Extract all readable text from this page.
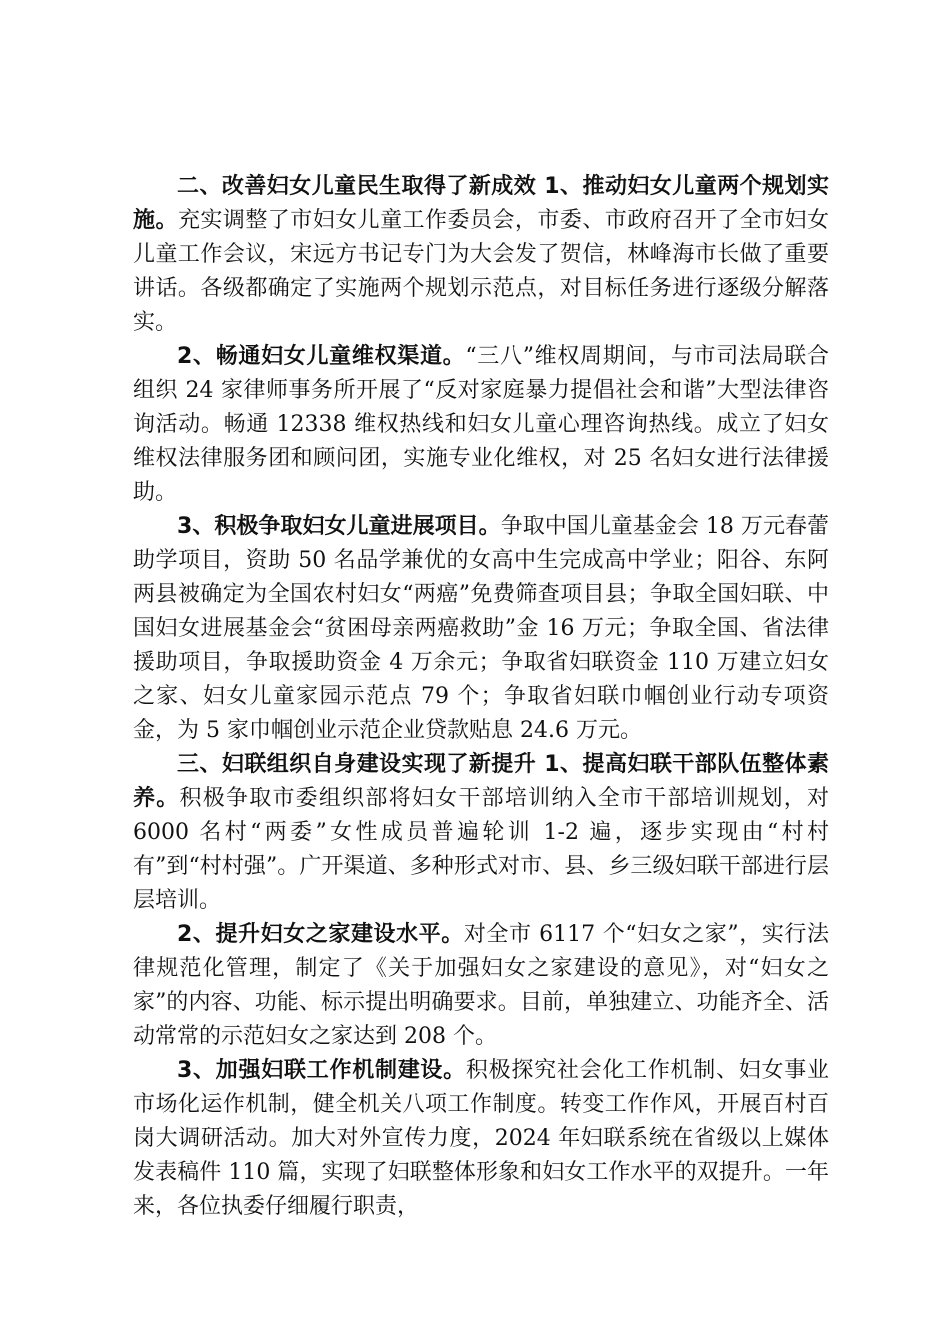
二、改善妇女儿童民生取得了新成效 1、推动妇女儿童两个规划实施。充实调整了市妇女儿童工作委员会，市委、市政府召开了全市妇女儿童工作会议，宋远方书记专门为大会发了贺信，林峰海市长做了重要讲话。各级都确定了实施两个规划示范点，对目标任务进行逐级分解落实。

2、畅通妇女儿童维权渠道。“三八”维权周期间，与市司法局联合组织 24 家律师事务所开展了“反对家庭暴力提倡社会和谐”大型法律咨询活动。畅通 12338 维权热线和妇女儿童心理咨询热线。成立了妇女维权法律服务团和顾问团，实施专业化维权，对 25 名妇女进行法律援助。

3、积极争取妇女儿童进展项目。争取中国儿童基金会 18 万元春蕾助学项目，资助 50 名品学兼优的女高中生完成高中学业；阳谷、东阿两县被确定为全国农村妇女“两癌”免费筛查项目县；争取全国妇联、中国妇女进展基金会“贫困母亲两癌救助”金 16 万元；争取全国、省法律援助项目，争取援助资金 4 万余元；争取省妇联资金 110 万建立妇女之家、妇女儿童家园示范点 79 个；争取省妇联巾帼创业行动专项资金，为 5 家巾帼创业示范企业贷款贴息 24.6 万元。

三、妇联组织自身建设实现了新提升 1、提高妇联干部队伍整体素养。积极争取市委组织部将妇女干部培训纳入全市干部培训规划，对 6000 名村“两委”女性成员普遍轮训 1-2 遍，逐步实现由“村村有”到“村村强”。广开渠道、多种形式对市、县、乡三级妇联干部进行层层培训。

2、提升妇女之家建设水平。对全市 6117 个“妇女之家”，实行法律规范化管理，制定了《关于加强妇女之家建设的意见》，对“妇女之家”的内容、功能、标示提出明确要求。目前，单独建立、功能齐全、活动常常的示范妇女之家达到 208 个。

3、加强妇联工作机制建设。积极探究社会化工作机制、妇女事业市场化运作机制，健全机关八项工作制度。转变工作作风，开展百村百岗大调研活动。加大对外宣传力度，2024 年妇联系统在省级以上媒体发表稿件 110 篇，实现了妇联整体形象和妇女工作水平的双提升。一年来，各位执委仔细履行职责，
